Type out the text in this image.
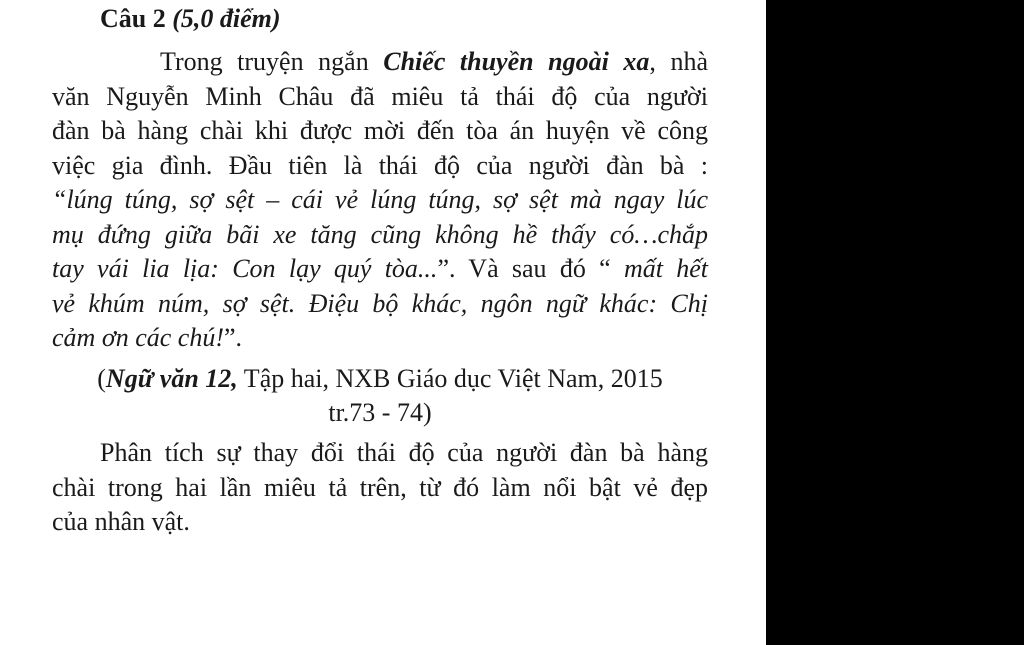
Câu 2 (5,0 điểm)
Trong truyện ngắn Chiếc thuyền ngoài xa, nhà
văn Nguyễn Minh Châu đã miêu tả thái độ của người
đàn bà hàng chài khi được mời đến tòa án huyện về công
việc gia đình. Đầu tiên là thái độ của người đàn bà :
“lúng túng, sợ sệt – cái vẻ lúng túng, sợ sệt mà ngay lúc
mụ đứng giữa bãi xe tăng cũng không hề thấy có…chắp
tay vái lia lịa: Con lạy quý tòa...”. Và sau đó “ mất hết
vẻ khúm núm, sợ sệt. Điệu bộ khác, ngôn ngữ khác: Chị
cảm ơn các chú!”.
(Ngữ văn 12, Tập hai, NXB Giáo dục Việt Nam, 2015
tr.73 - 74)
Phân tích sự thay đổi thái độ của người đàn bà hàng
chài trong hai lần miêu tả trên, từ đó làm nổi bật vẻ đẹp
của nhân vật.
